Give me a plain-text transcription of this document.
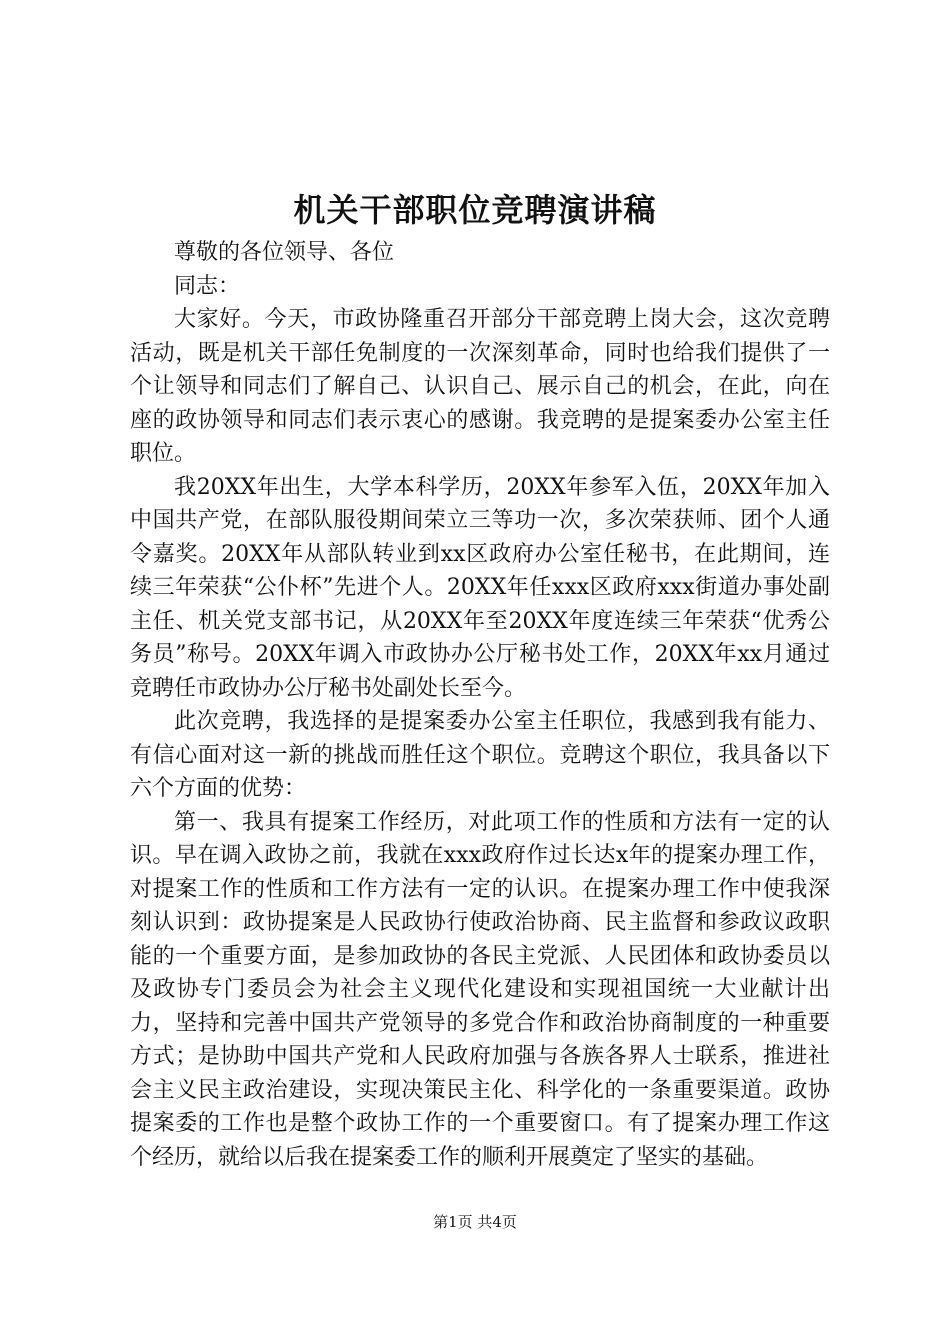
机关干部职位竞聘演讲稿

尊敬的各位领导、各位

同志：

大家好。今天，市政协隆重召开部分干部竞聘上岗大会，这次竞聘活动，既是机关干部任免制度的一次深刻革命，同时也给我们提供了一个让领导和同志们了解自己、认识自己、展示自己的机会，在此，向在座的政协领导和同志们表示衷心的感谢。我竞聘的是提案委办公室主任职位。

我20XX年出生，大学本科学历，20XX年参军入伍，20XX年加入中国共产党，在部队服役期间荣立三等功一次，多次荣获师、团个人通令嘉奖。20XX年从部队转业到xx区政府办公室任秘书，在此期间，连续三年荣获“公仆杯”先进个人。20XX年任xxx区政府xxx街道办事处副主任、机关党支部书记，从20XX年至20XX年度连续三年荣获“优秀公务员”称号。20XX年调入市政协办公厅秘书处工作，20XX年xx月通过竞聘任市政协办公厅秘书处副处长至今。

此次竞聘，我选择的是提案委办公室主任职位，我感到我有能力、有信心面对这一新的挑战而胜任这个职位。竞聘这个职位，我具备以下六个方面的优势：

第一、我具有提案工作经历，对此项工作的性质和方法有一定的认识。早在调入政协之前，我就在xxx政府作过长达x年的提案办理工作，对提案工作的性质和工作方法有一定的认识。在提案办理工作中使我深刻认识到：政协提案是人民政协行使政治协商、民主监督和参政议政职能的一个重要方面，是参加政协的各民主党派、人民团体和政协委员以及政协专门委员会为社会主义现代化建设和实现祖国统一大业献计出力，坚持和完善中国共产党领导的多党合作和政治协商制度的一种重要方式；是协助中国共产党和人民政府加强与各族各界人士联系，推进社会主义民主政治建设，实现决策民主化、科学化的一条重要渠道。政协提案委的工作也是整个政协工作的一个重要窗口。有了提案办理工作这个经历，就给以后我在提案委工作的顺利开展奠定了坚实的基础。

第1页 共4页
